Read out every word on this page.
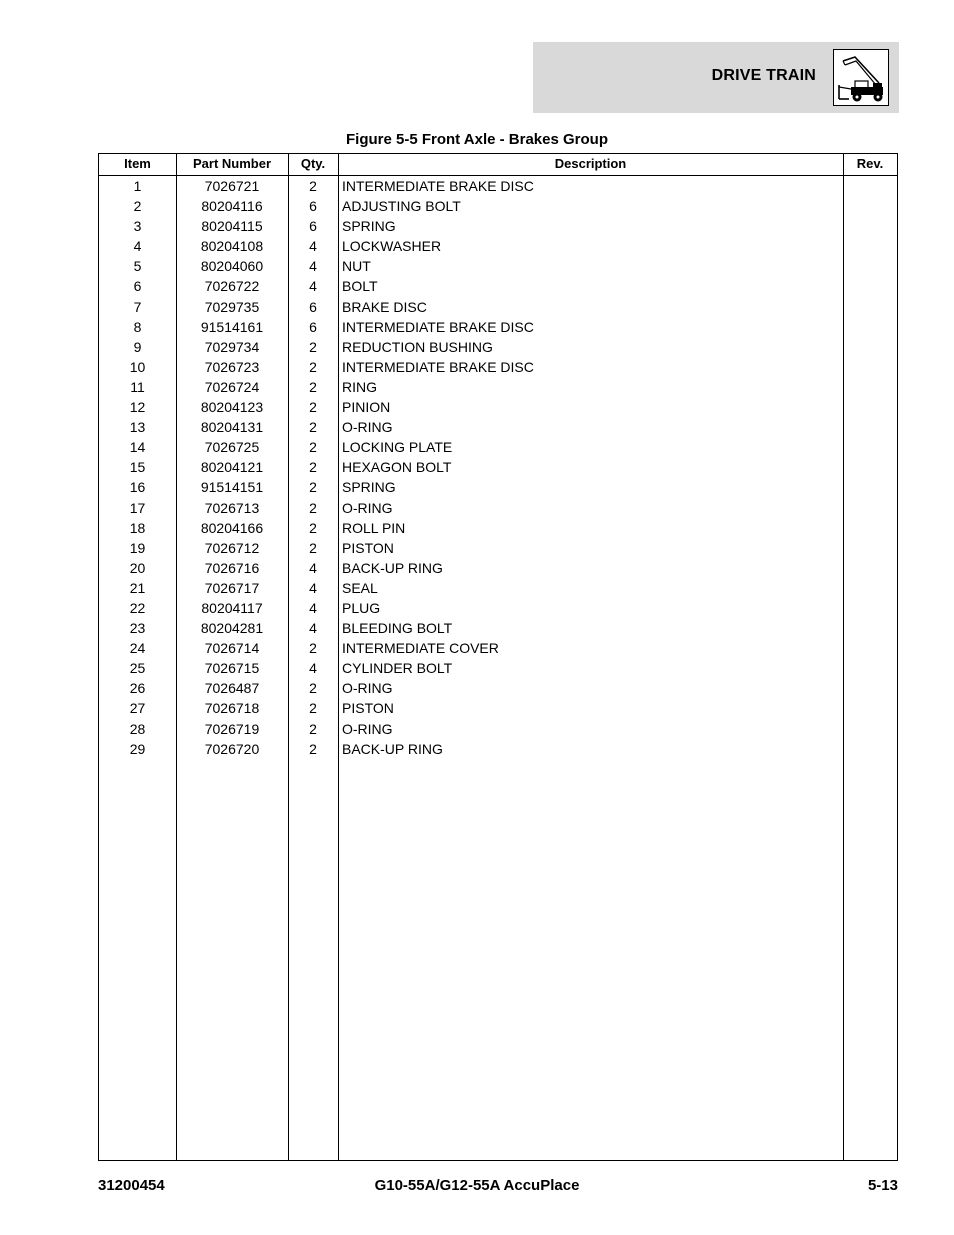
DRIVE TRAIN
Figure 5-5 Front Axle - Brakes Group
Item	Part Number	Qty.	Description	Rev.
1	7026721	2	INTERMEDIATE BRAKE DISC
2	80204116	6	ADJUSTING BOLT
3	80204115	6	SPRING
4	80204108	4	LOCKWASHER
5	80204060	4	NUT
6	7026722	4	BOLT
7	7029735	6	BRAKE DISC
8	91514161	6	INTERMEDIATE BRAKE DISC
9	7029734	2	REDUCTION BUSHING
10	7026723	2	INTERMEDIATE BRAKE DISC
11	7026724	2	RING
12	80204123	2	PINION
13	80204131	2	O-RING
14	7026725	2	LOCKING PLATE
15	80204121	2	HEXAGON BOLT
16	91514151	2	SPRING
17	7026713	2	O-RING
18	80204166	2	ROLL PIN
19	7026712	2	PISTON
20	7026716	4	BACK-UP RING
21	7026717	4	SEAL
22	80204117	4	PLUG
23	80204281	4	BLEEDING BOLT
24	7026714	2	INTERMEDIATE COVER
25	7026715	4	CYLINDER BOLT
26	7026487	2	O-RING
27	7026718	2	PISTON
28	7026719	2	O-RING
29	7026720	2	BACK-UP RING
31200454	G10-55A/G12-55A AccuPlace	5-13
